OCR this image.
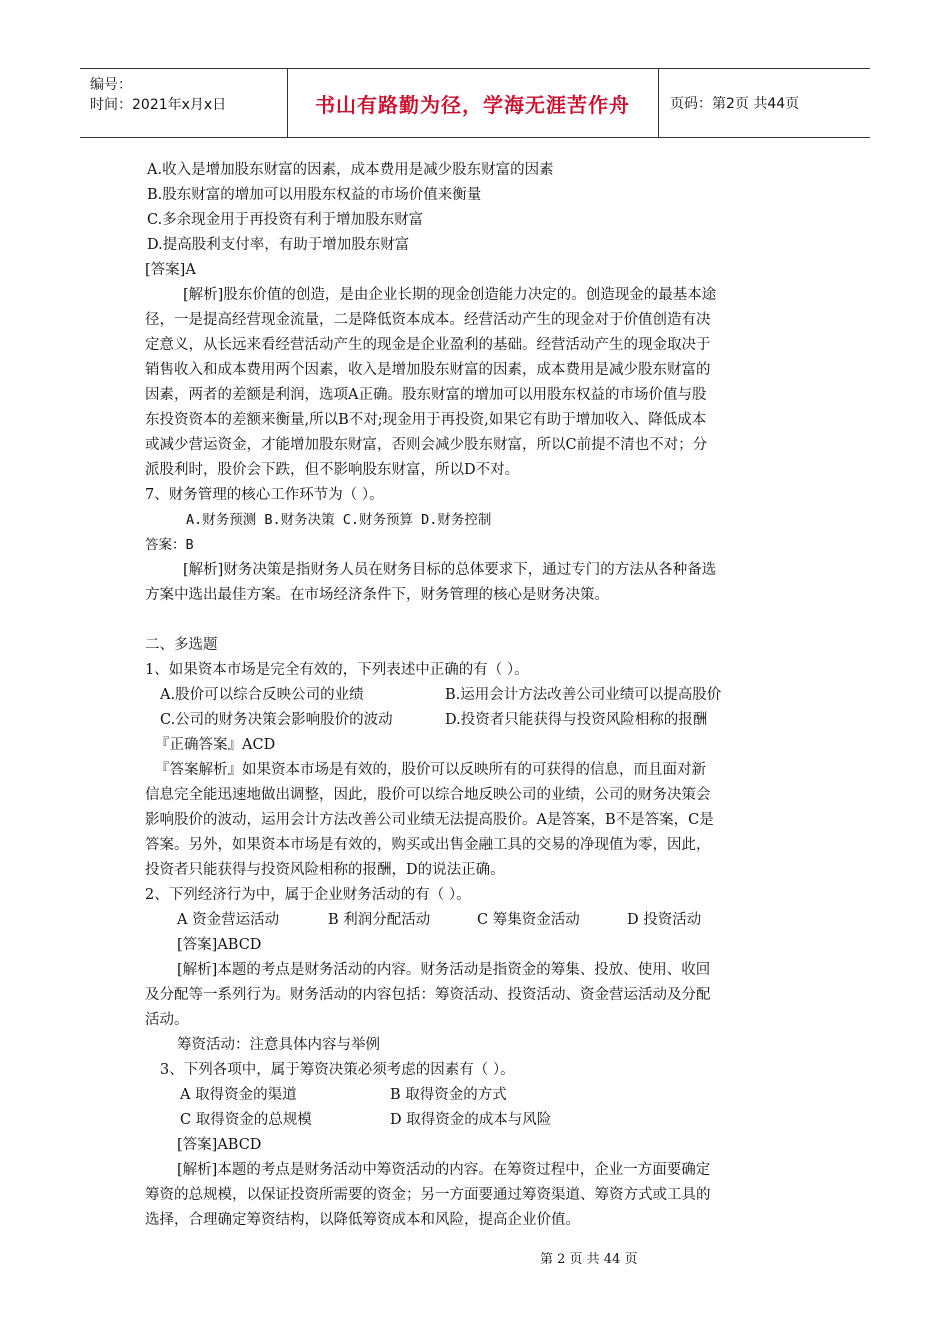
编号：
时间：2021年x月x日	书山有路勤为径，学海无涯苦作舟	页码：第2页 共44页
A.收入是增加股东财富的因素，成本费用是减少股东财富的因素
B.股东财富的增加可以用股东权益的市场价值来衡量
C.多余现金用于再投资有利于增加股东财富
D.提高股利支付率，有助于增加股东财富
[答案]A
[解析]股东价值的创造，是由企业长期的现金创造能力决定的。创造现金的最基本途
径，一是提高经营现金流量，二是降低资本成本。经营活动产生的现金对于价值创造有决
定意义，从长远来看经营活动产生的现金是企业盈利的基础。经营活动产生的现金取决于
销售收入和成本费用两个因素，收入是增加股东财富的因素，成本费用是减少股东财富的
因素，两者的差额是利润，选项A正确。股东财富的增加可以用股东权益的市场价值与股
东投资资本的差额来衡量,所以B不对;现金用于再投资,如果它有助于增加收入、降低成本
或减少营运资金，才能增加股东财富，否则会减少股东财富，所以C前提不清也不对；分
派股利时，股价会下跌，但不影响股东财富，所以D不对。
7、财务管理的核心工作环节为（ ）。
A.财务预测 B.财务决策 C.财务预算 D.财务控制
答案：B
[解析]财务决策是指财务人员在财务目标的总体要求下，通过专门的方法从各种备选
方案中选出最佳方案。在市场经济条件下，财务管理的核心是财务决策。
二、多选题
1、如果资本市场是完全有效的，下列表述中正确的有（ ）。
A.股价可以综合反映公司的业绩	B.运用会计方法改善公司业绩可以提高股价
C.公司的财务决策会影响股价的波动	D.投资者只能获得与投资风险相称的报酬
『正确答案』ACD
『答案解析』如果资本市场是有效的，股价可以反映所有的可获得的信息，而且面对新
信息完全能迅速地做出调整，因此，股价可以综合地反映公司的业绩，公司的财务决策会
影响股价的波动，运用会计方法改善公司业绩无法提高股价。A是答案，B不是答案，C是
答案。另外，如果资本市场是有效的，购买或出售金融工具的交易的净现值为零，因此，
投资者只能获得与投资风险相称的报酬，D的说法正确。
2、下列经济行为中，属于企业财务活动的有（ ）。
A 资金营运活动	B 利润分配活动	C 筹集资金活动	D 投资活动
[答案]ABCD
[解析]本题的考点是财务活动的内容。财务活动是指资金的筹集、投放、使用、收回
及分配等一系列行为。财务活动的内容包括：筹资活动、投资活动、资金营运活动及分配
活动。
筹资活动：注意具体内容与举例
3、下列各项中，属于筹资决策必须考虑的因素有（ ）。
A 取得资金的渠道	B 取得资金的方式
C 取得资金的总规模	D 取得资金的成本与风险
[答案]ABCD
[解析]本题的考点是财务活动中筹资活动的内容。在筹资过程中，企业一方面要确定
筹资的总规模，以保证投资所需要的资金；另一方面要通过筹资渠道、筹资方式或工具的
选择，合理确定筹资结构，以降低筹资成本和风险，提高企业价值。
第 2 页 共 44 页
